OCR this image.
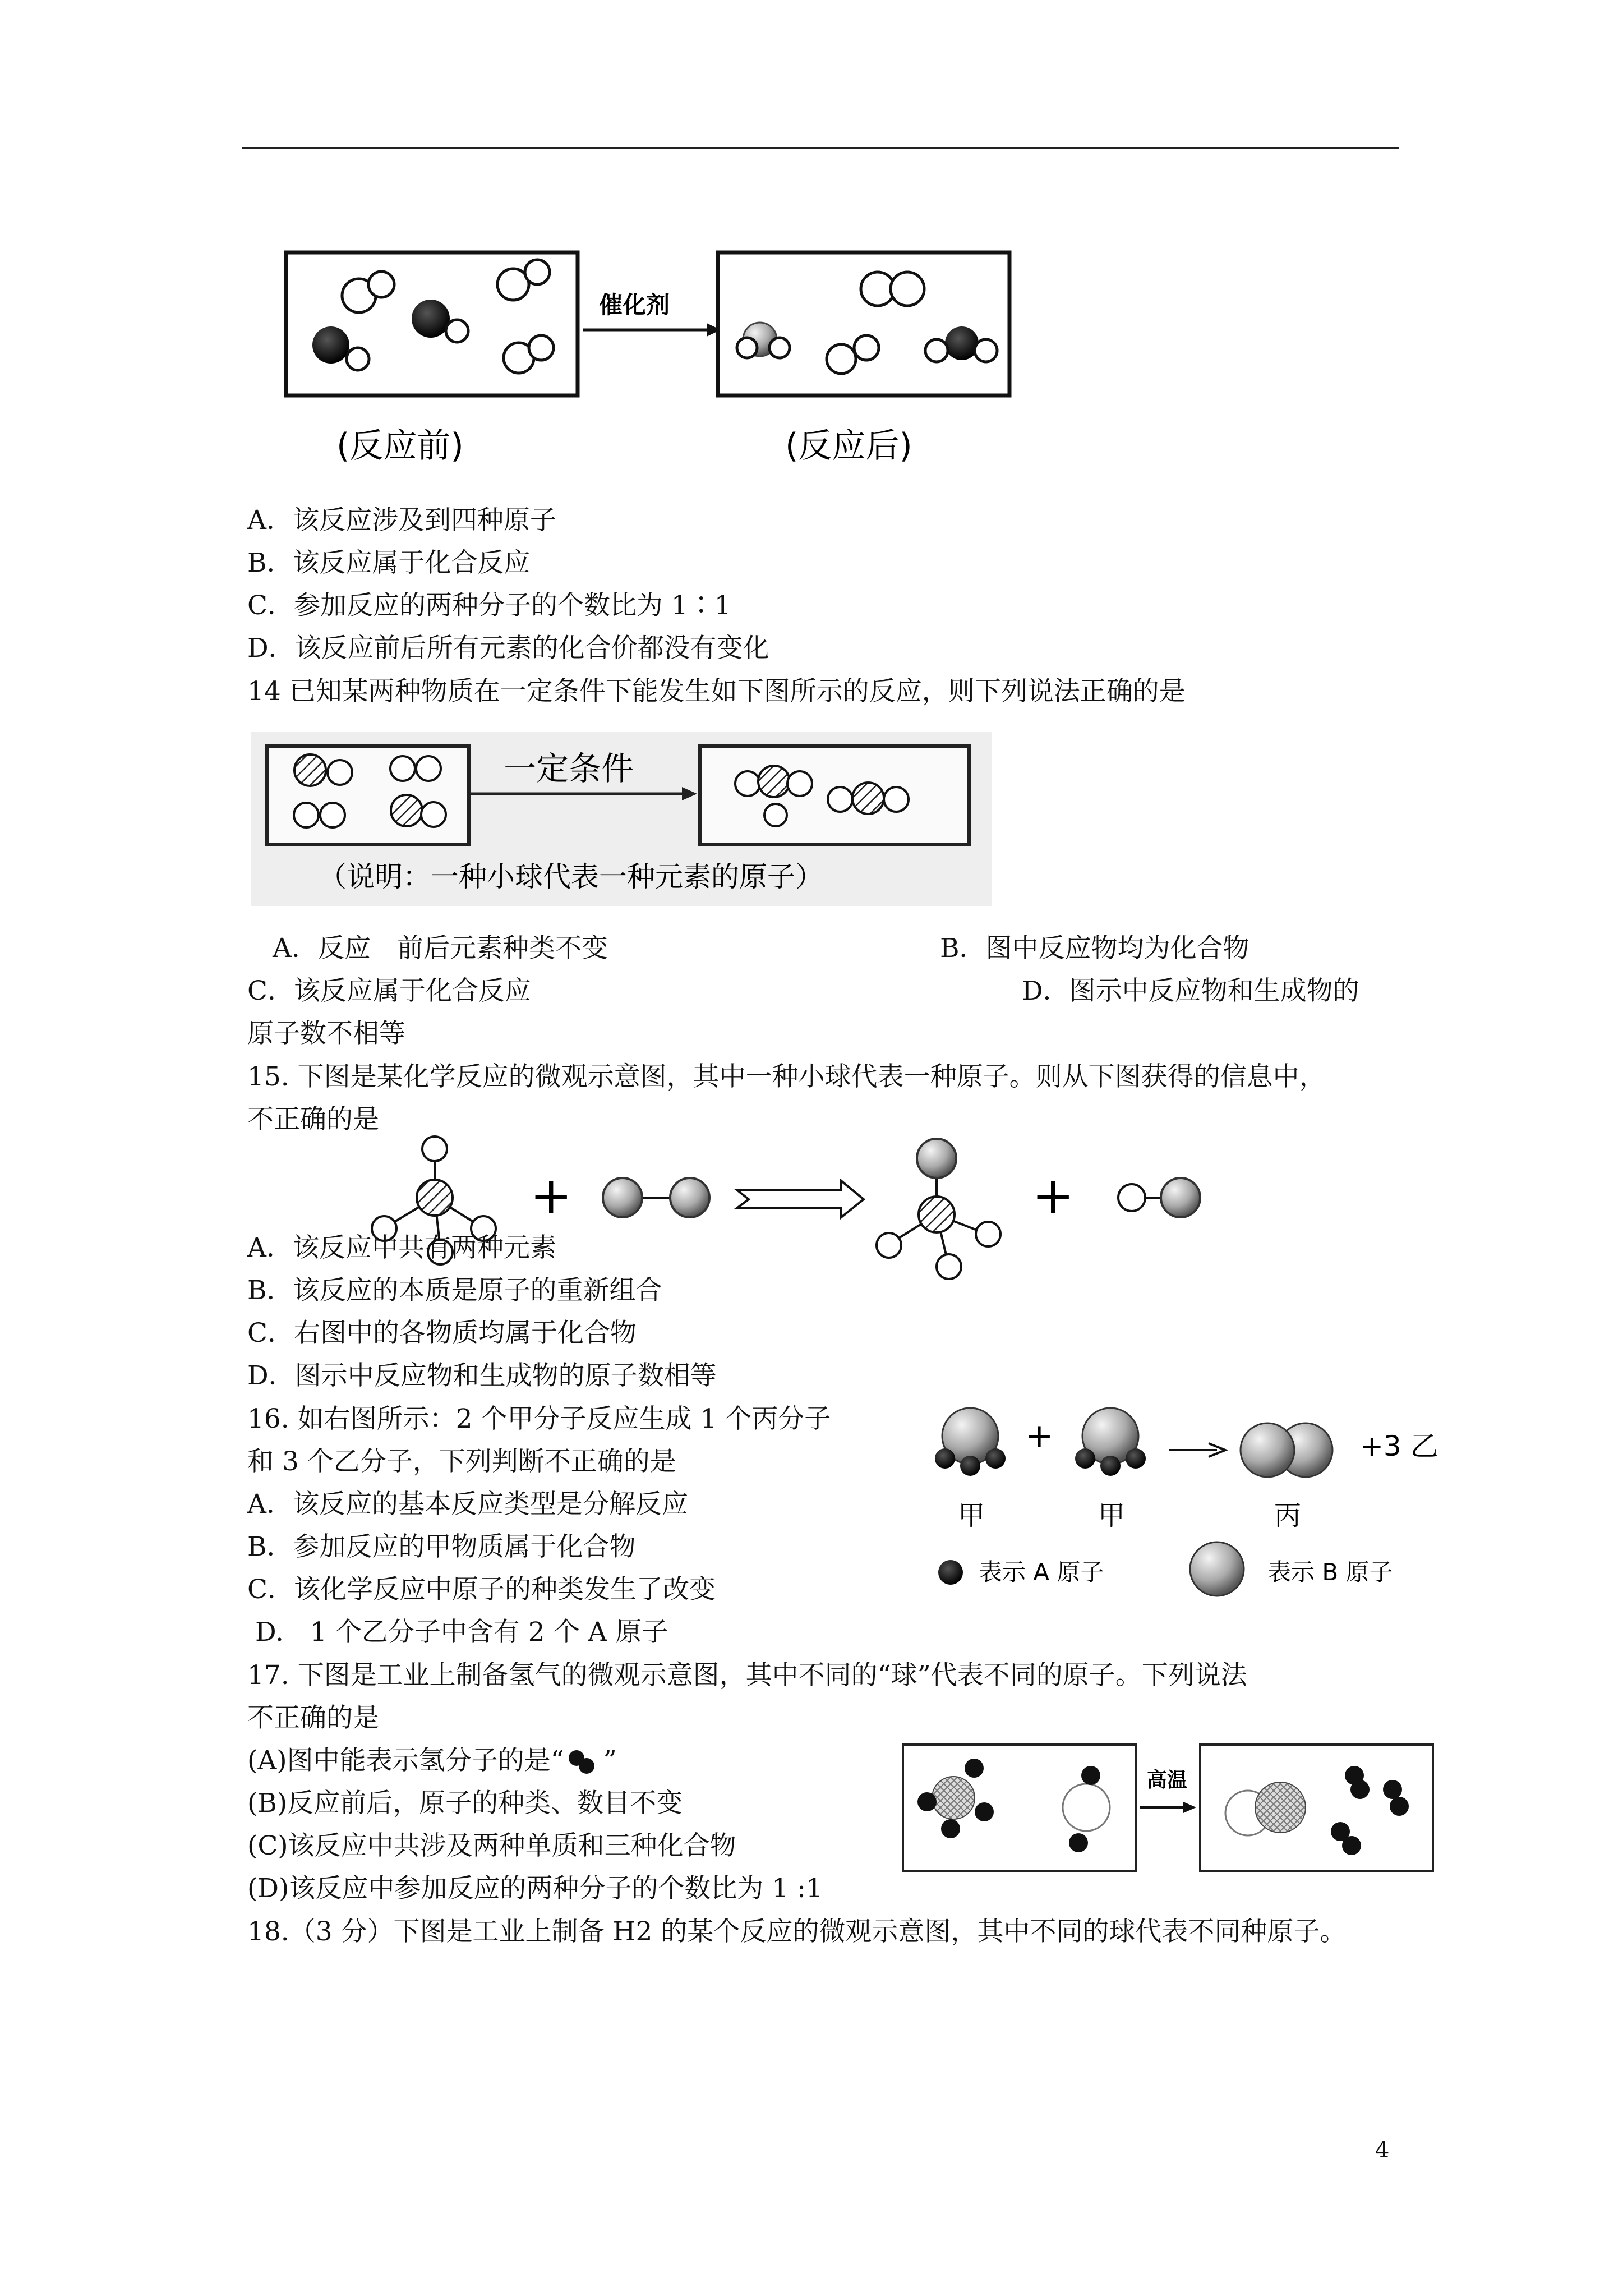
催化剂
(反应前)	(反应后)
A．该反应涉及到四种原子
B．该反应属于化合反应
C．参加反应的两种分子的个数比为 1∶1
D．该反应前后所有元素的化合价都没有变化
14 已知某两种物质在一定条件下能发生如下图所示的反应，则下列说法正确的是
一定条件
（说明：一种小球代表一种元素的原子）
A．反应　前后元素种类不变	B．图中反应物均为化合物
C．该反应属于化合反应	D．图示中反应物和生成物的
原子数不相等
15. 下图是某化学反应的微观示意图，其中一种小球代表一种原子。则从下图获得的信息中，
不正确的是
+	+
A．该反应中共有两种元素
B．该反应的本质是原子的重新组合
C．右图中的各物质均属于化合物
D．图示中反应物和生成物的原子数相等
16. 如右图所示：2 个甲分子反应生成 1 个丙分子
和 3 个乙分子，下列判断不正确的是
A．该反应的基本反应类型是分解反应
B．参加反应的甲物质属于化合物
C．该化学反应中原子的种类发生了改变
D.　1 个乙分子中含有 2 个 A 原子
+	+3 乙
甲	甲	丙
表示 A 原子	表示 B 原子
17. 下图是工业上制备氢气的微观示意图，其中不同的“球”代表不同的原子。下列说法
不正确的是
(A)图中能表示氢分子的是“ ”
(B)反应前后，原子的种类、数目不变
(C)该反应中共涉及两种单质和三种化合物
(D)该反应中参加反应的两种分子的个数比为 1 :1
高温
18.（3 分）下图是工业上制备 H2 的某个反应的微观示意图，其中不同的球代表不同种原子。
4
